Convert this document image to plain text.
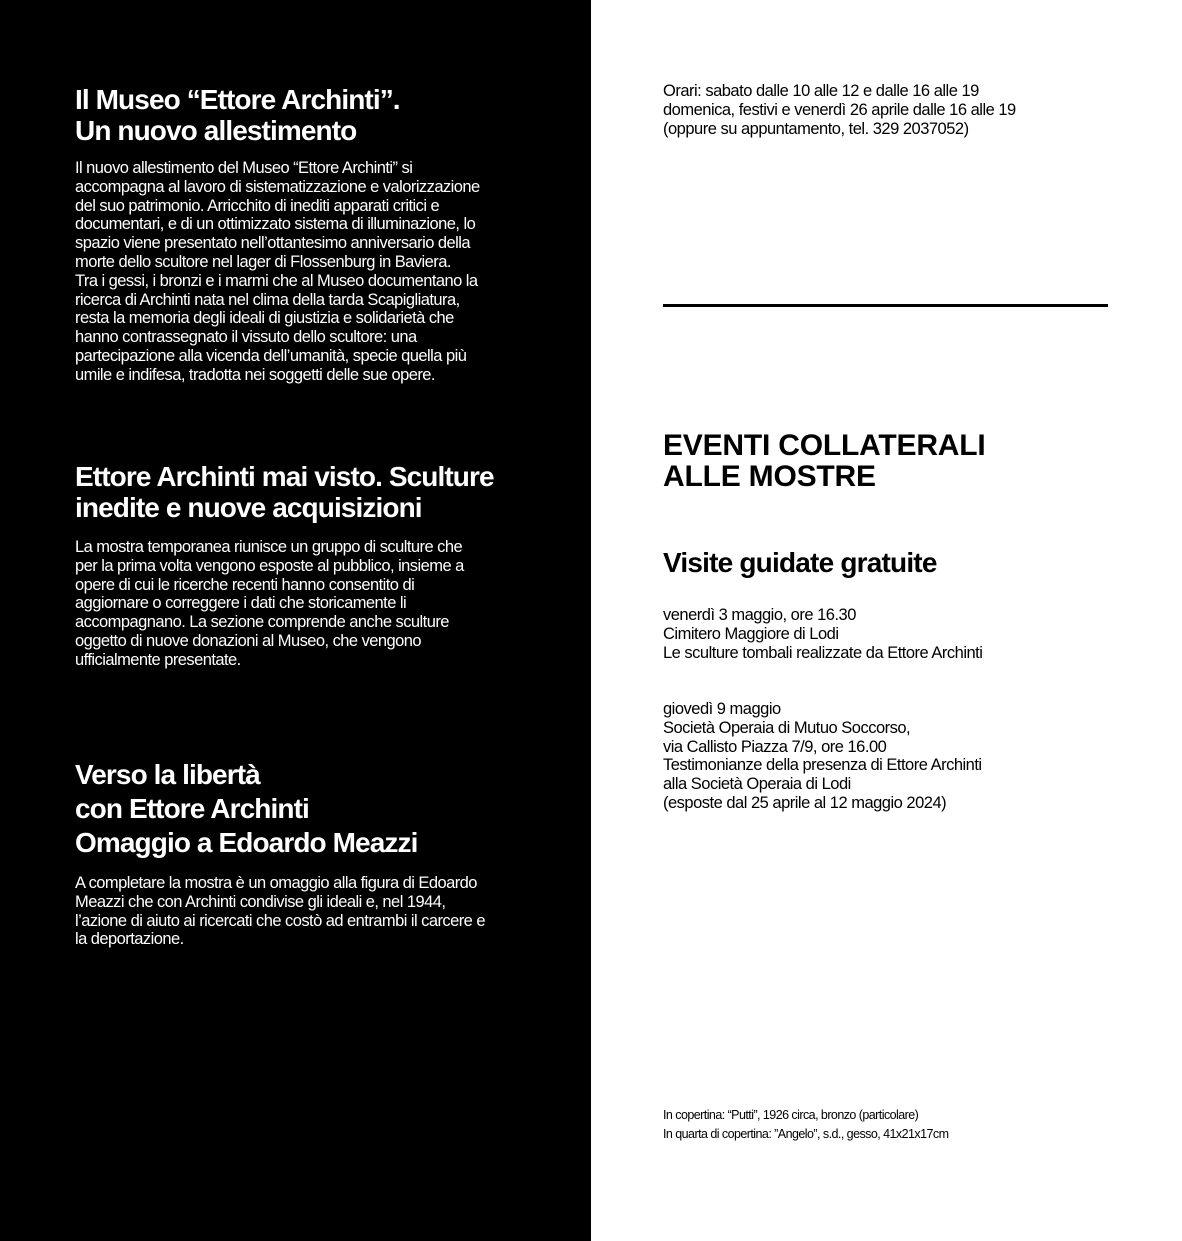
Il Museo “Ettore Archinti”.
Un nuovo allestimento

Il nuovo allestimento del Museo “Ettore Archinti” si
accompagna al lavoro di sistematizzazione e valorizzazione
del suo patrimonio. Arricchito di inediti apparati critici e
documentari, e di un ottimizzato sistema di illuminazione, lo
spazio viene presentato nell’ottantesimo anniversario della
morte dello scultore nel lager di Flossenburg in Baviera.
Tra i gessi, i bronzi e i marmi che al Museo documentano la
ricerca di Archinti nata nel clima della tarda Scapigliatura,
resta la memoria degli ideali di giustizia e solidarietà che
hanno contrassegnato il vissuto dello scultore: una
partecipazione alla vicenda dell’umanità, specie quella più
umile e indifesa, tradotta nei soggetti delle sue opere.

Ettore Archinti mai visto. Sculture
inedite e nuove acquisizioni

La mostra temporanea riunisce un gruppo di sculture che
per la prima volta vengono esposte al pubblico, insieme a
opere di cui le ricerche recenti hanno consentito di
aggiornare o correggere i dati che storicamente li
accompagnano. La sezione comprende anche sculture
oggetto di nuove donazioni al Museo, che vengono
ufficialmente presentate.

Verso la libertà
con Ettore Archinti
Omaggio a Edoardo Meazzi

A completare la mostra è un omaggio alla figura di Edoardo
Meazzi che con Archinti condivise gli ideali e, nel 1944,
l’azione di aiuto ai ricercati che costò ad entrambi il carcere e
la deportazione.

Orari: sabato dalle 10 alle 12 e dalle 16 alle 19
domenica, festivi e venerdì 26 aprile dalle 16 alle 19
(oppure su appuntamento, tel. 329 2037052)

EVENTI COLLATERALI
ALLE MOSTRE
Visite guidate gratuite

venerdì 3 maggio, ore 16.30
Cimitero Maggiore di Lodi
Le sculture tombali realizzate da Ettore Archinti

giovedì 9 maggio
Società Operaia di Mutuo Soccorso,
via Callisto Piazza 7/9, ore 16.00
Testimonianze della presenza di Ettore Archinti
alla Società Operaia di Lodi
(esposte dal 25 aprile al 12 maggio 2024)

In copertina: “Putti”, 1926 circa, bronzo (particolare)
In quarta di copertina: ”Angelo”, s.d., gesso, 41x21x17cm
